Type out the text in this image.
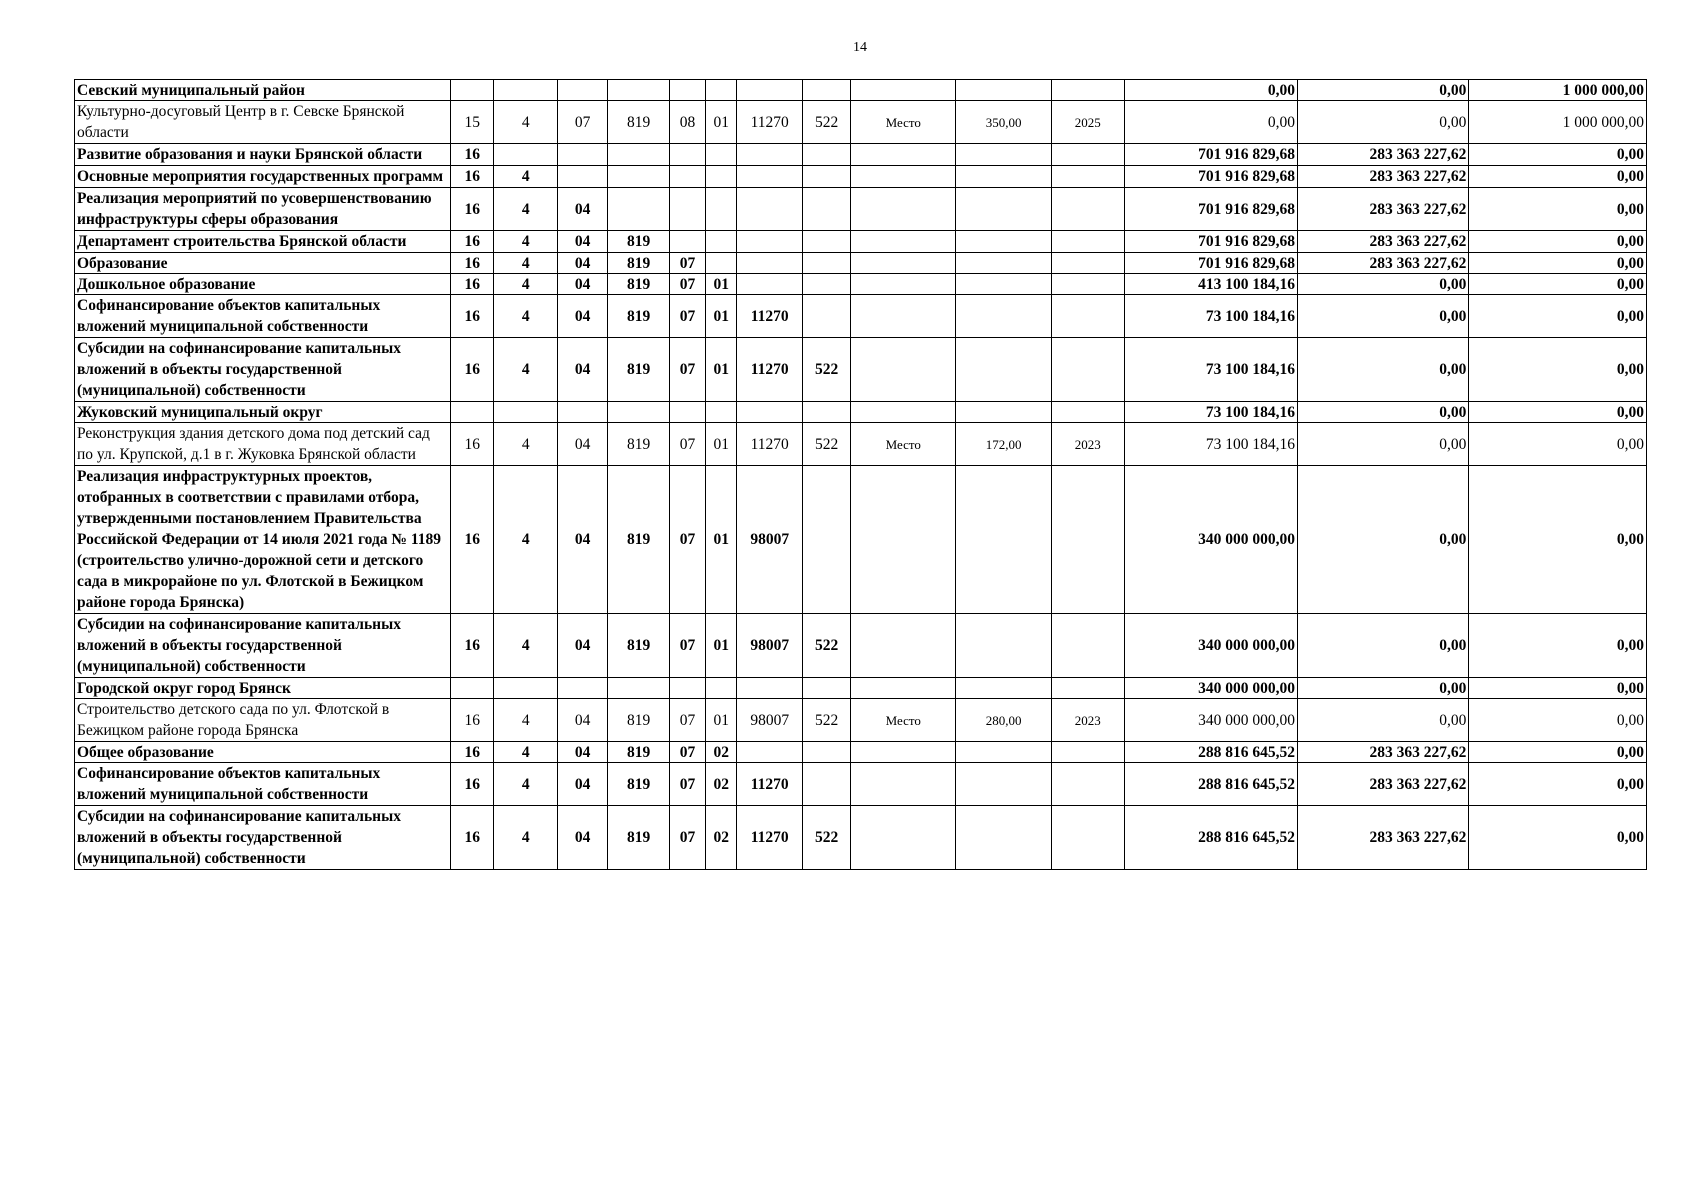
14
Севский муниципальный район												0,00	0,00	1 000 000,00
Культурно-досуговый Центр в г. Севске Брянской области	15	4	07	819	08	01	11270	522	Место	350,00	2025	0,00	0,00	1 000 000,00
Развитие образования и науки Брянской области	16											701 916 829,68	283 363 227,62	0,00
Основные мероприятия государственных программ	16	4										701 916 829,68	283 363 227,62	0,00
Реализация мероприятий по усовершенствованию инфраструктуры сферы образования	16	4	04									701 916 829,68	283 363 227,62	0,00
Департамент строительства Брянской области	16	4	04	819								701 916 829,68	283 363 227,62	0,00
Образование	16	4	04	819	07							701 916 829,68	283 363 227,62	0,00
Дошкольное образование	16	4	04	819	07	01						413 100 184,16	0,00	0,00
Софинансирование объектов капитальных вложений муниципальной собственности	16	4	04	819	07	01	11270					73 100 184,16	0,00	0,00
Субсидии на софинансирование капитальных вложений в объекты государственной (муниципальной) собственности	16	4	04	819	07	01	11270	522				73 100 184,16	0,00	0,00
Жуковский муниципальный округ												73 100 184,16	0,00	0,00
Реконструкция здания детского дома под детский сад по ул. Крупской, д.1 в г. Жуковка Брянской области	16	4	04	819	07	01	11270	522	Место	172,00	2023	73 100 184,16	0,00	0,00
Реализация инфраструктурных проектов, отобранных в соответствии с правилами отбора, утвержденными постановлением Правительства Российской Федерации от 14 июля 2021 года № 1189 (строительство улично-дорожной сети и детского сада в микрорайоне по ул. Флотской в Бежицком районе города Брянска)	16	4	04	819	07	01	98007					340 000 000,00	0,00	0,00
Субсидии на софинансирование капитальных вложений в объекты государственной (муниципальной) собственности	16	4	04	819	07	01	98007	522				340 000 000,00	0,00	0,00
Городской округ город Брянск												340 000 000,00	0,00	0,00
Строительство детского сада по ул. Флотской в Бежицком районе города Брянска	16	4	04	819	07	01	98007	522	Место	280,00	2023	340 000 000,00	0,00	0,00
Общее образование	16	4	04	819	07	02						288 816 645,52	283 363 227,62	0,00
Софинансирование объектов капитальных вложений муниципальной собственности	16	4	04	819	07	02	11270					288 816 645,52	283 363 227,62	0,00
Субсидии на софинансирование капитальных вложений в объекты государственной (муниципальной) собственности	16	4	04	819	07	02	11270	522				288 816 645,52	283 363 227,62	0,00
